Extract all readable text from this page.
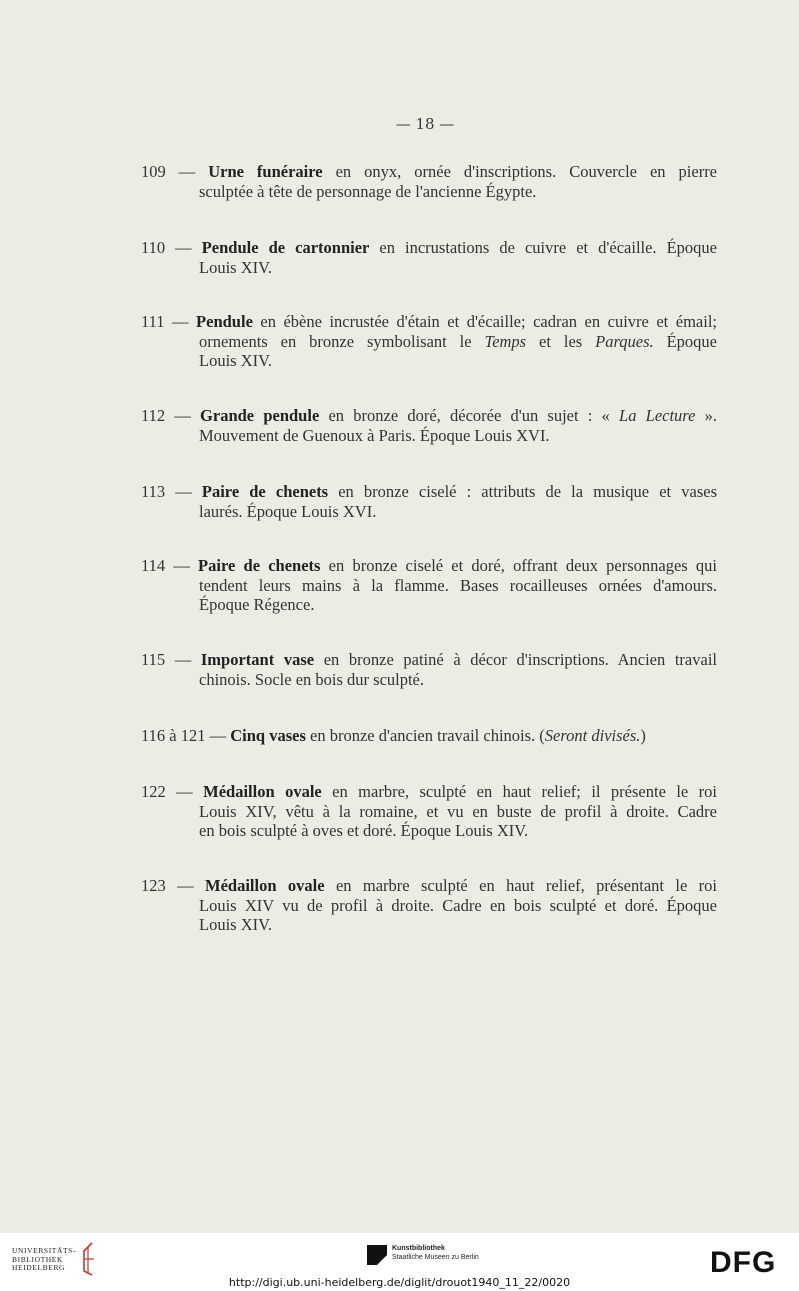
— 18 —
109 — Urne funéraire en onyx, ornée d'inscriptions. Couvercle en pierre
sculptée à tête de personnage de l'ancienne Égypte.
110 — Pendule de cartonnier en incrustations de cuivre et d'écaille. Époque
Louis XIV.
111 — Pendule en ébène incrustée d'étain et d'écaille; cadran en cuivre et émail;
ornements en bronze symbolisant le Temps et les Parques. Époque
Louis XIV.
112 — Grande pendule en bronze doré, décorée d'un sujet : « La Lecture ».
Mouvement de Guenoux à Paris. Époque Louis XVI.
113 — Paire de chenets en bronze ciselé : attributs de la musique et vases
laurés. Époque Louis XVI.
114 — Paire de chenets en bronze ciselé et doré, offrant deux personnages qui
tendent leurs mains à la flamme. Bases rocailleuses ornées d'amours.
Époque Régence.
115 — Important vase en bronze patiné à décor d'inscriptions. Ancien travail
chinois. Socle en bois dur sculpté.
116 à 121 — Cinq vases en bronze d'ancien travail chinois. (Seront divisés.)
122 — Médaillon ovale en marbre, sculpté en haut relief; il présente le roi
Louis XIV, vêtu à la romaine, et vu en buste de profil à droite. Cadre
en bois sculpté à oves et doré. Époque Louis XIV.
123 — Médaillon ovale en marbre sculpté en haut relief, présentant le roi
Louis XIV vu de profil à droite. Cadre en bois sculpté et doré. Époque
Louis XIV.
UNIVERSITÄTS-
BIBLIOTHEK
HEIDELBERG
Kunstbibliothek
Staatliche Museen zu Berlin
http://digi.ub.uni-heidelberg.de/diglit/drouot1940_11_22/0020
DFG
